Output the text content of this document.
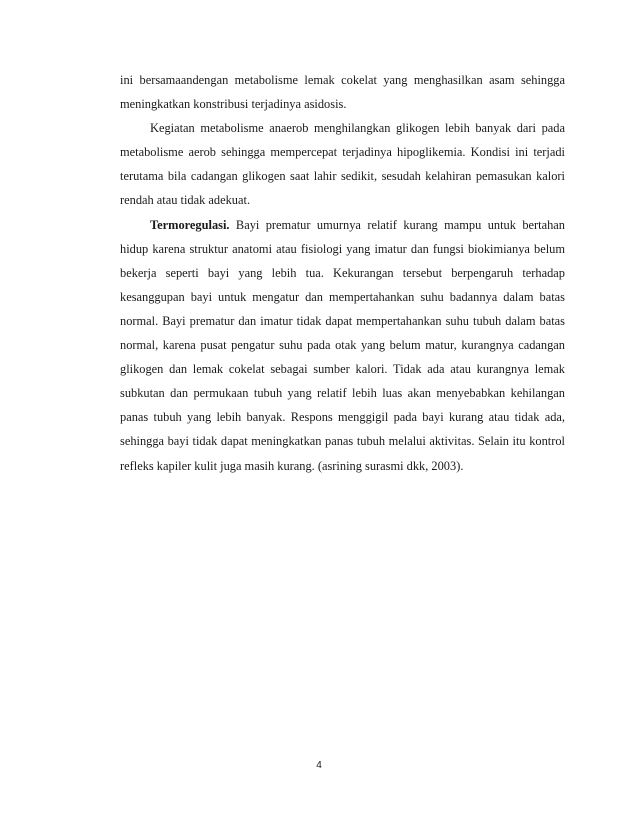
ini bersamaandengan metabolisme lemak cokelat yang menghasilkan asam sehingga meningkatkan konstribusi terjadinya asidosis.

Kegiatan metabolisme anaerob menghilangkan glikogen lebih banyak dari pada metabolisme aerob sehingga mempercepat terjadinya hipoglikemia. Kondisi ini terjadi terutama bila cadangan glikogen saat lahir sedikit, sesudah kelahiran pemasukan kalori rendah atau tidak adekuat.

Termoregulasi. Bayi prematur umurnya relatif kurang mampu untuk bertahan hidup karena struktur anatomi atau fisiologi yang imatur dan fungsi biokimianya belum bekerja seperti bayi yang lebih tua. Kekurangan tersebut berpengaruh terhadap kesanggupan bayi untuk mengatur dan mempertahankan suhu badannya dalam batas normal. Bayi prematur dan imatur tidak dapat mempertahankan suhu tubuh dalam batas normal, karena pusat pengatur suhu pada otak yang belum matur, kurangnya cadangan glikogen dan lemak cokelat sebagai sumber kalori. Tidak ada atau kurangnya lemak subkutan dan permukaan tubuh yang relatif lebih luas akan menyebabkan kehilangan panas tubuh yang lebih banyak. Respons menggigil pada bayi kurang atau tidak ada, sehingga bayi tidak dapat meningkatkan panas tubuh melalui aktivitas. Selain itu kontrol refleks kapiler kulit juga masih kurang. (asrining surasmi dkk, 2003).

4
